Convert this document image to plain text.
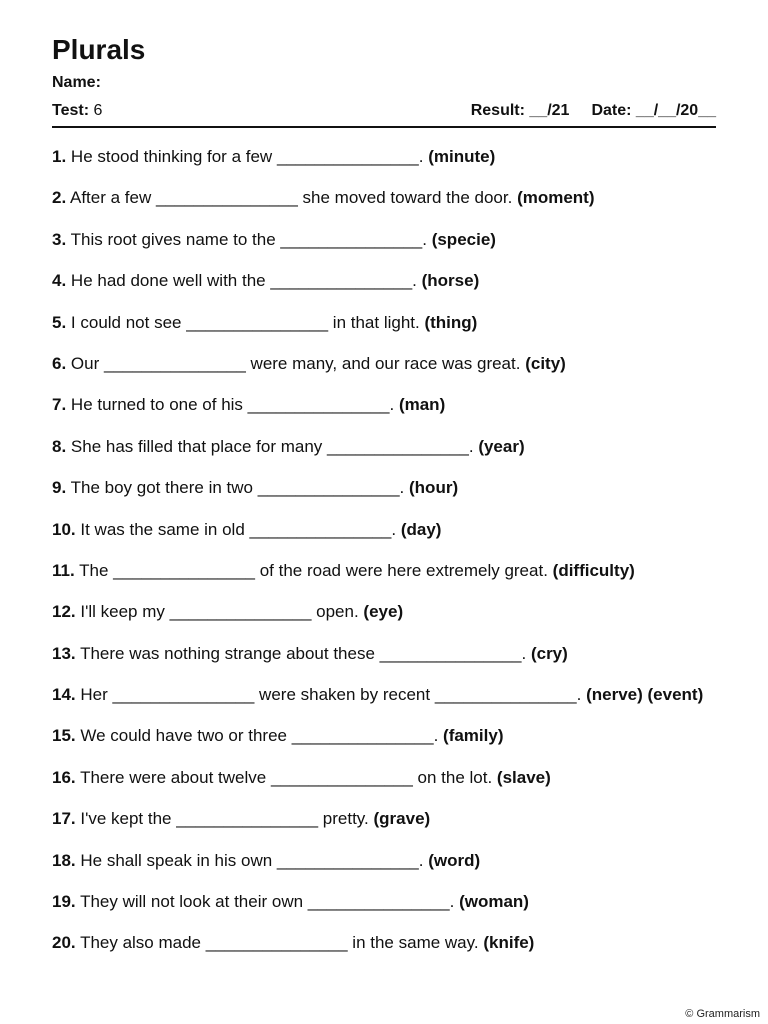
Plurals
Name:
Test: 6	Result: __/21 Date: __/__/20__
1. He stood thinking for a few _______________. (minute)
2. After a few _______________ she moved toward the door. (moment)
3. This root gives name to the _______________. (specie)
4. He had done well with the _______________. (horse)
5. I could not see _______________ in that light. (thing)
6. Our _______________ were many, and our race was great. (city)
7. He turned to one of his _______________. (man)
8. She has filled that place for many _______________. (year)
9. The boy got there in two _______________. (hour)
10. It was the same in old _______________. (day)
11. The _______________ of the road were here extremely great. (difficulty)
12. I'll keep my _______________ open. (eye)
13. There was nothing strange about these _______________. (cry)
14. Her _______________ were shaken by recent _______________. (nerve) (event)
15. We could have two or three _______________. (family)
16. There were about twelve _______________ on the lot. (slave)
17. I've kept the _______________ pretty. (grave)
18. He shall speak in his own _______________. (word)
19. They will not look at their own _______________. (woman)
20. They also made _______________ in the same way. (knife)
© Grammarism
